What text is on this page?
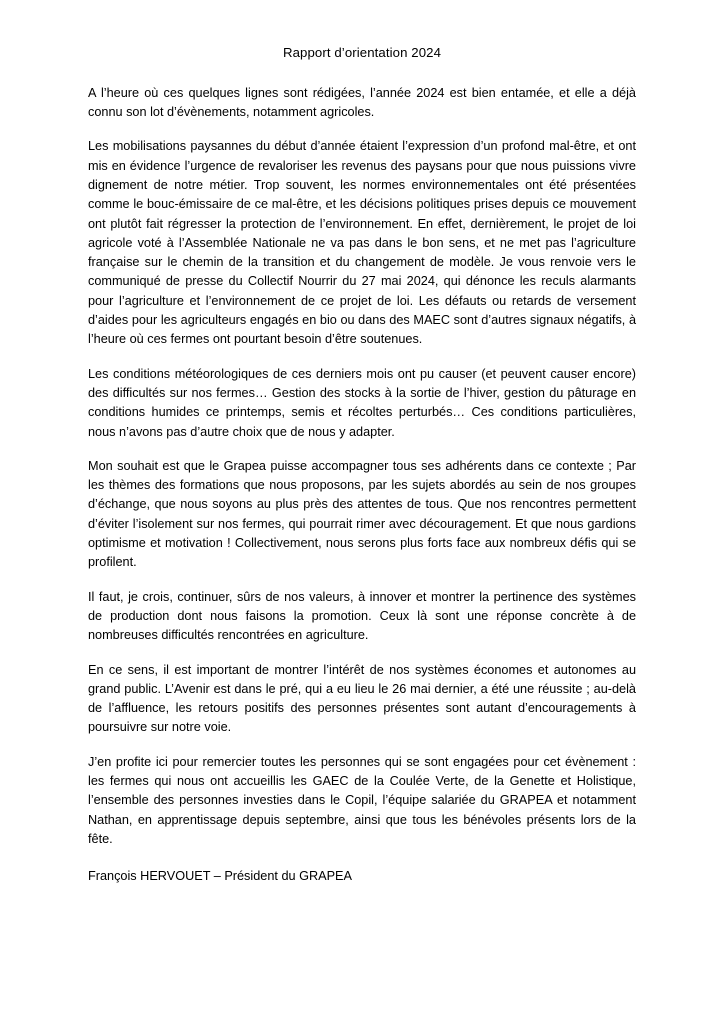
Rapport d’orientation 2024

A l’heure où ces quelques lignes sont rédigées, l’année 2024 est bien entamée, et elle a déjà connu son lot d’évènements, notamment agricoles.

Les mobilisations paysannes du début d’année étaient l’expression d’un profond mal-être, et ont mis en évidence l’urgence de revaloriser les revenus des paysans pour que nous puissions vivre dignement de notre métier. Trop souvent, les normes environnementales ont été présentées comme le bouc-émissaire de ce mal-être, et les décisions politiques prises depuis ce mouvement ont plutôt fait régresser la protection de l’environnement. En effet, dernièrement, le projet de loi agricole voté à l’Assemblée Nationale ne va pas dans le bon sens, et ne met pas l’agriculture française sur le chemin de la transition et du changement de modèle. Je vous renvoie vers le communiqué de presse du Collectif Nourrir du 27 mai 2024, qui dénonce les reculs alarmants pour l’agriculture et l’environnement de ce projet de loi. Les défauts ou retards de versement d’aides pour les agriculteurs engagés en bio ou dans des MAEC sont d’autres signaux négatifs, à l’heure où ces fermes ont pourtant besoin d’être soutenues.

Les conditions météorologiques de ces derniers mois ont pu causer (et peuvent causer encore) des difficultés sur nos fermes… Gestion des stocks à la sortie de l’hiver, gestion du pâturage en conditions humides ce printemps, semis et récoltes perturbés… Ces conditions particulières, nous n’avons pas d’autre choix que de nous y adapter.

Mon souhait est que le Grapea puisse accompagner tous ses adhérents dans ce contexte ; Par les thèmes des formations que nous proposons, par les sujets abordés au sein de nos groupes d’échange, que nous soyons au plus près des attentes de tous. Que nos rencontres permettent d’éviter l’isolement sur nos fermes, qui pourrait rimer avec découragement. Et que nous gardions optimisme et motivation ! Collectivement, nous serons plus forts face aux nombreux défis qui se profilent.

Il faut, je crois, continuer, sûrs de nos valeurs, à innover et montrer la pertinence des systèmes de production dont nous faisons la promotion. Ceux là sont une réponse concrète à de nombreuses difficultés rencontrées en agriculture.

En ce sens, il est important de montrer l’intérêt de nos systèmes économes et autonomes au grand public. L’Avenir est dans le pré, qui a eu lieu le 26 mai dernier, a été une réussite ; au-delà de l’affluence, les retours positifs des personnes présentes sont autant d’encouragements à poursuivre sur notre voie.

J’en profite ici pour remercier toutes les personnes qui se sont engagées pour cet évènement : les fermes qui nous ont accueillis les GAEC de la Coulée Verte, de la Genette et Holistique, l’ensemble des personnes investies dans le Copil, l’équipe salariée du GRAPEA et notamment Nathan, en apprentissage depuis septembre, ainsi que tous les bénévoles présents lors de la fête.

François HERVOUET – Président du GRAPEA
